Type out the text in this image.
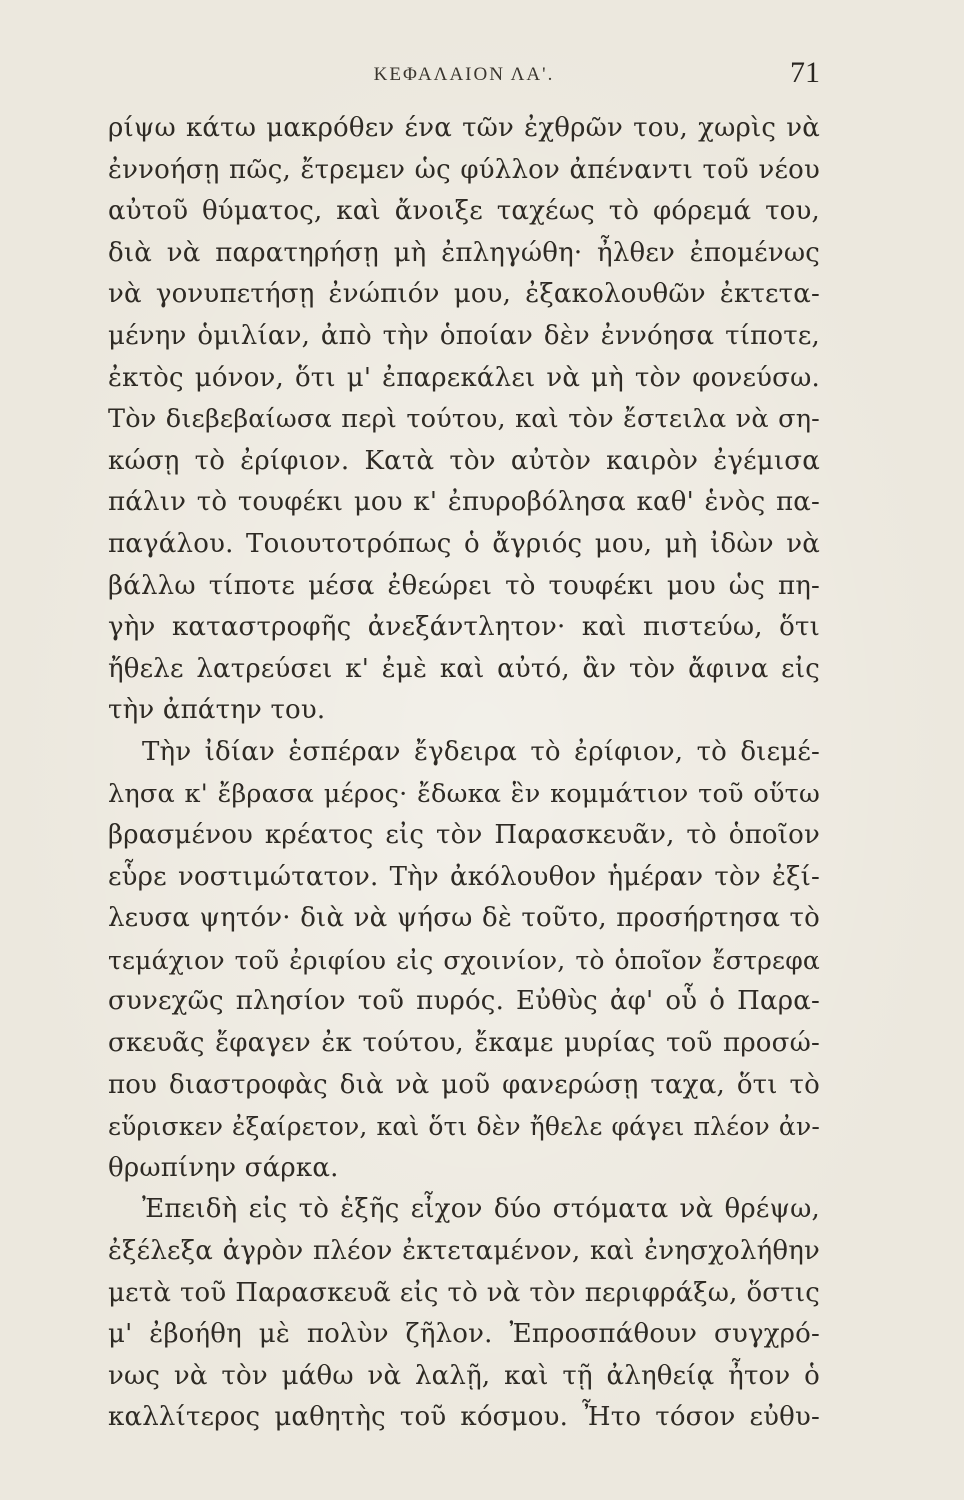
ΚΕΦΑΛΑΙΟΝ ΛΑ'.	71
ρίψω κάτω μακρόθεν ένα τῶν ἐχθρῶν του, χωρὶς νὰ
ἐννοήσῃ πῶς, ἔτρεμεν ὡς φύλλον ἀπέναντι τοῦ νέου
αὐτοῦ θύματος, καὶ ἄνοιξε ταχέως τὸ φόρεμά του,
διὰ νὰ παρατηρήσῃ μὴ ἐπληγώθη· ἦλθεν ἐπομένως
νὰ γονυπετήσῃ ἐνώπιόν μου, ἐξακολουθῶν ἐκτετα-
μένην ὁμιλίαν, ἀπὸ τὴν ὁποίαν δὲν ἐννόησα τίποτε,
ἐκτὸς μόνον, ὅτι μ' ἐπαρεκάλει νὰ μὴ τὸν φονεύσω.
Τὸν διεβεβαίωσα περὶ τούτου, καὶ τὸν ἔστειλα νὰ ση-
κώσῃ τὸ ἐρίφιον. Κατὰ τὸν αὐτὸν καιρὸν ἐγέμισα
πάλιν τὸ τουφέκι μου κ' ἐπυροβόλησα καθ' ἑνὸς πα-
παγάλου. Τοιουτοτρόπως ὁ ἄγριός μου, μὴ ἰδὼν νὰ
βάλλω τίποτε μέσα ἐθεώρει τὸ τουφέκι μου ὡς πη-
γὴν καταστροφῆς ἀνεξάντλητον· καὶ πιστεύω, ὅτι
ἤθελε λατρεύσει κ' ἐμὲ καὶ αὐτό, ἂν τὸν ἄφινα εἰς
τὴν ἀπάτην του.
Τὴν ἰδίαν ἑσπέραν ἔγδειρα τὸ ἐρίφιον, τὸ διεμέ-
λησα κ' ἔβρασα μέρος· ἔδωκα ἓν κομμάτιον τοῦ οὕτω
βρασμένου κρέατος εἰς τὸν Παρασκευᾶν, τὸ ὁποῖον
εὗρε νοστιμώτατον. Τὴν ἀκόλουθον ἡμέραν τὸν ἐξί-
λευσα ψητόν· διὰ νὰ ψήσω δὲ τοῦτο, προσήρτησα τὸ
τεμάχιον τοῦ ἐριφίου εἰς σχοινίον, τὸ ὁποῖον ἔστρεφα
συνεχῶς πλησίον τοῦ πυρός. Εὐθὺς ἀφ' οὗ ὁ Παρα-
σκευᾶς ἔφαγεν ἐκ τούτου, ἔκαμε μυρίας τοῦ προσώ-
που διαστροφὰς διὰ νὰ μοῦ φανερώσῃ ταχα, ὅτι τὸ
εὕρισκεν ἐξαίρετον, καὶ ὅτι δὲν ἤθελε φάγει πλέον ἀν-
θρωπίνην σάρκα.
Ἐπειδὴ εἰς τὸ ἑξῆς εἶχον δύο στόματα νὰ θρέψω,
ἐξέλεξα ἀγρὸν πλέον ἐκτεταμένον, καὶ ἐνησχολήθην
μετὰ τοῦ Παρασκευᾶ εἰς τὸ νὰ τὸν περιφράξω, ὅστις
μ' ἐβοήθη μὲ πολὺν ζῆλον. Ἐπροσπάθουν συγχρό-
νως νὰ τὸν μάθω νὰ λαλῇ, καὶ τῇ ἀληθείᾳ ἦτον ὁ
καλλίτερος μαθητὴς τοῦ κόσμου. Ἦτο τόσον εὐθυ-
